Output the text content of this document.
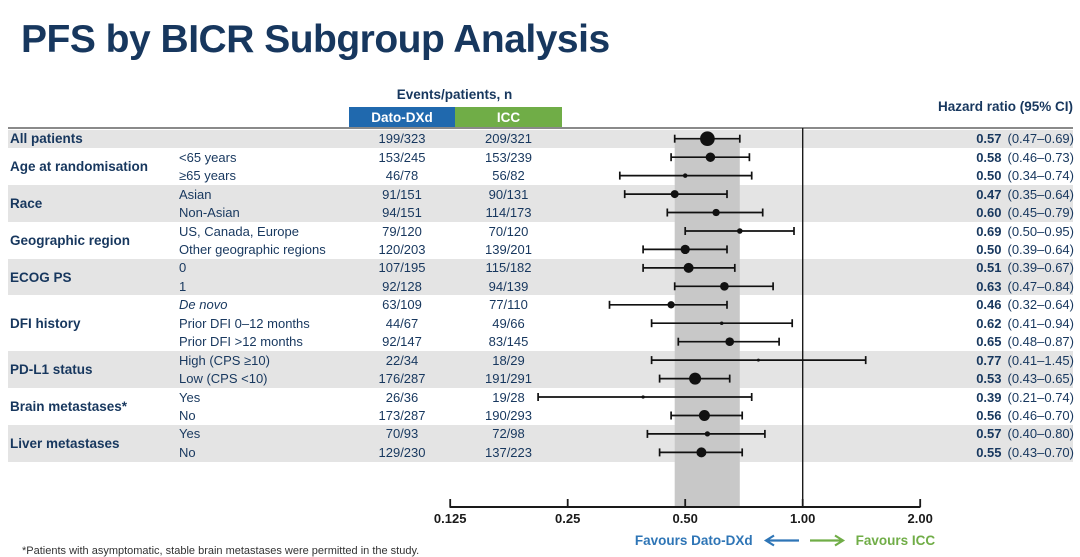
PFS by BICR Subgroup Analysis
Events/patients, n
Dato-DXd	ICC
Hazard ratio (95% CI)
All patients	199/323	209/321	0.57 (0.47–0.69)
Age at randomisation
<65 years	153/245	153/239	0.58 (0.46–0.73)
≥65 years	46/78	56/82	0.50 (0.34–0.74)
Race
Asian	91/151	90/131	0.47 (0.35–0.64)
Non-Asian	94/151	114/173	0.60 (0.45–0.79)
Geographic region
US, Canada, Europe	79/120	70/120	0.69 (0.50–0.95)
Other geographic regions	120/203	139/201	0.50 (0.39–0.64)
ECOG PS
0	107/195	115/182	0.51 (0.39–0.67)
1	92/128	94/139	0.63 (0.47–0.84)
DFI history
De novo	63/109	77/110	0.46 (0.32–0.64)
Prior DFI 0–12 months	44/67	49/66	0.62 (0.41–0.94)
Prior DFI >12 months	92/147	83/145	0.65 (0.48–0.87)
PD-L1 status
High (CPS ≥10)	22/34	18/29	0.77 (0.41–1.45)
Low (CPS <10)	176/287	191/291	0.53 (0.43–0.65)
Brain metastases*
Yes	26/36	19/28	0.39 (0.21–0.74)
No	173/287	190/293	0.56 (0.46–0.70)
Liver metastases
Yes	70/93	72/98	0.57 (0.40–0.80)
No	129/230	137/223	0.55 (0.43–0.70)
0.125	0.25	0.50	1.00	2.00
Favours Dato-DXd	Favours ICC
*Patients with asymptomatic, stable brain metastases were permitted in the study.
